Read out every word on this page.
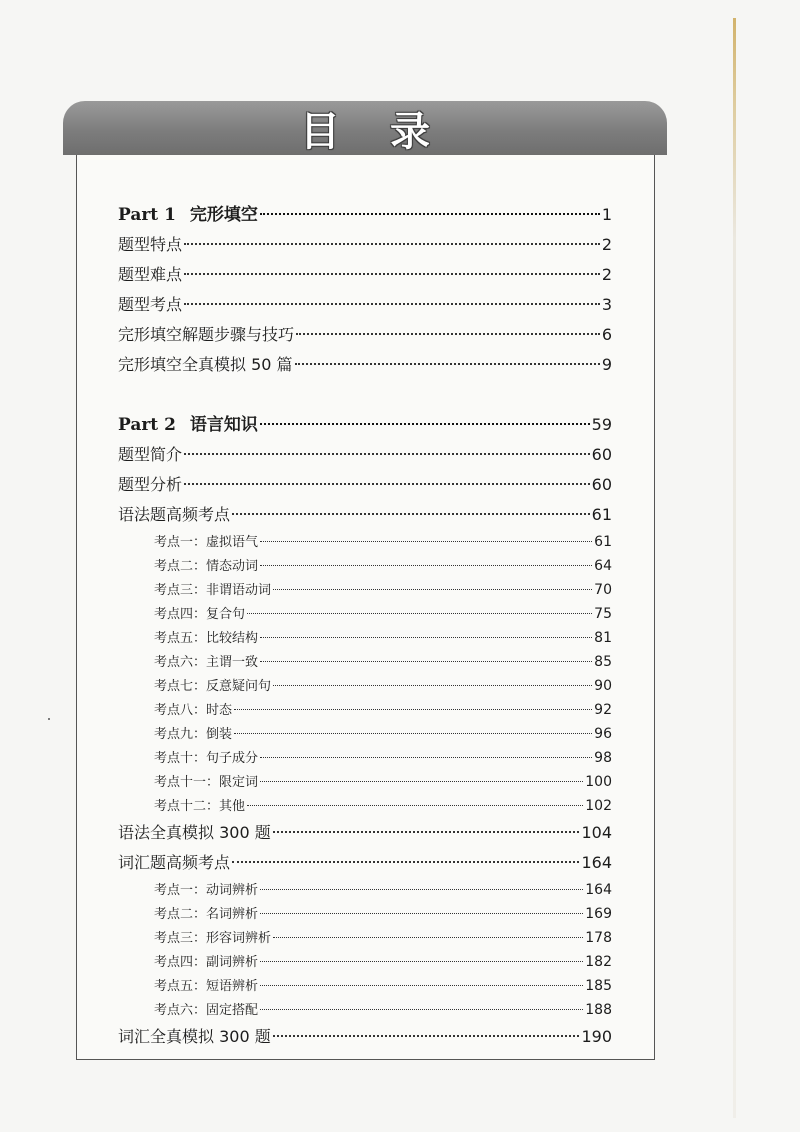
目 录
Part 1 完形填空	1
题型特点	2
题型难点	2
题型考点	3
完形填空解题步骤与技巧	6
完形填空全真模拟 50 篇	9
Part 2 语言知识	59
题型简介	60
题型分析	60
语法题高频考点	61
考点一：虚拟语气	61
考点二：情态动词	64
考点三：非谓语动词	70
考点四：复合句	75
考点五：比较结构	81
考点六：主谓一致	85
考点七：反意疑问句	90
考点八：时态	92
考点九：倒装	96
考点十：句子成分	98
考点十一：限定词	100
考点十二：其他	102
语法全真模拟 300 题	104
词汇题高频考点	164
考点一：动词辨析	164
考点二：名词辨析	169
考点三：形容词辨析	178
考点四：副词辨析	182
考点五：短语辨析	185
考点六：固定搭配	188
词汇全真模拟 300 题	190
